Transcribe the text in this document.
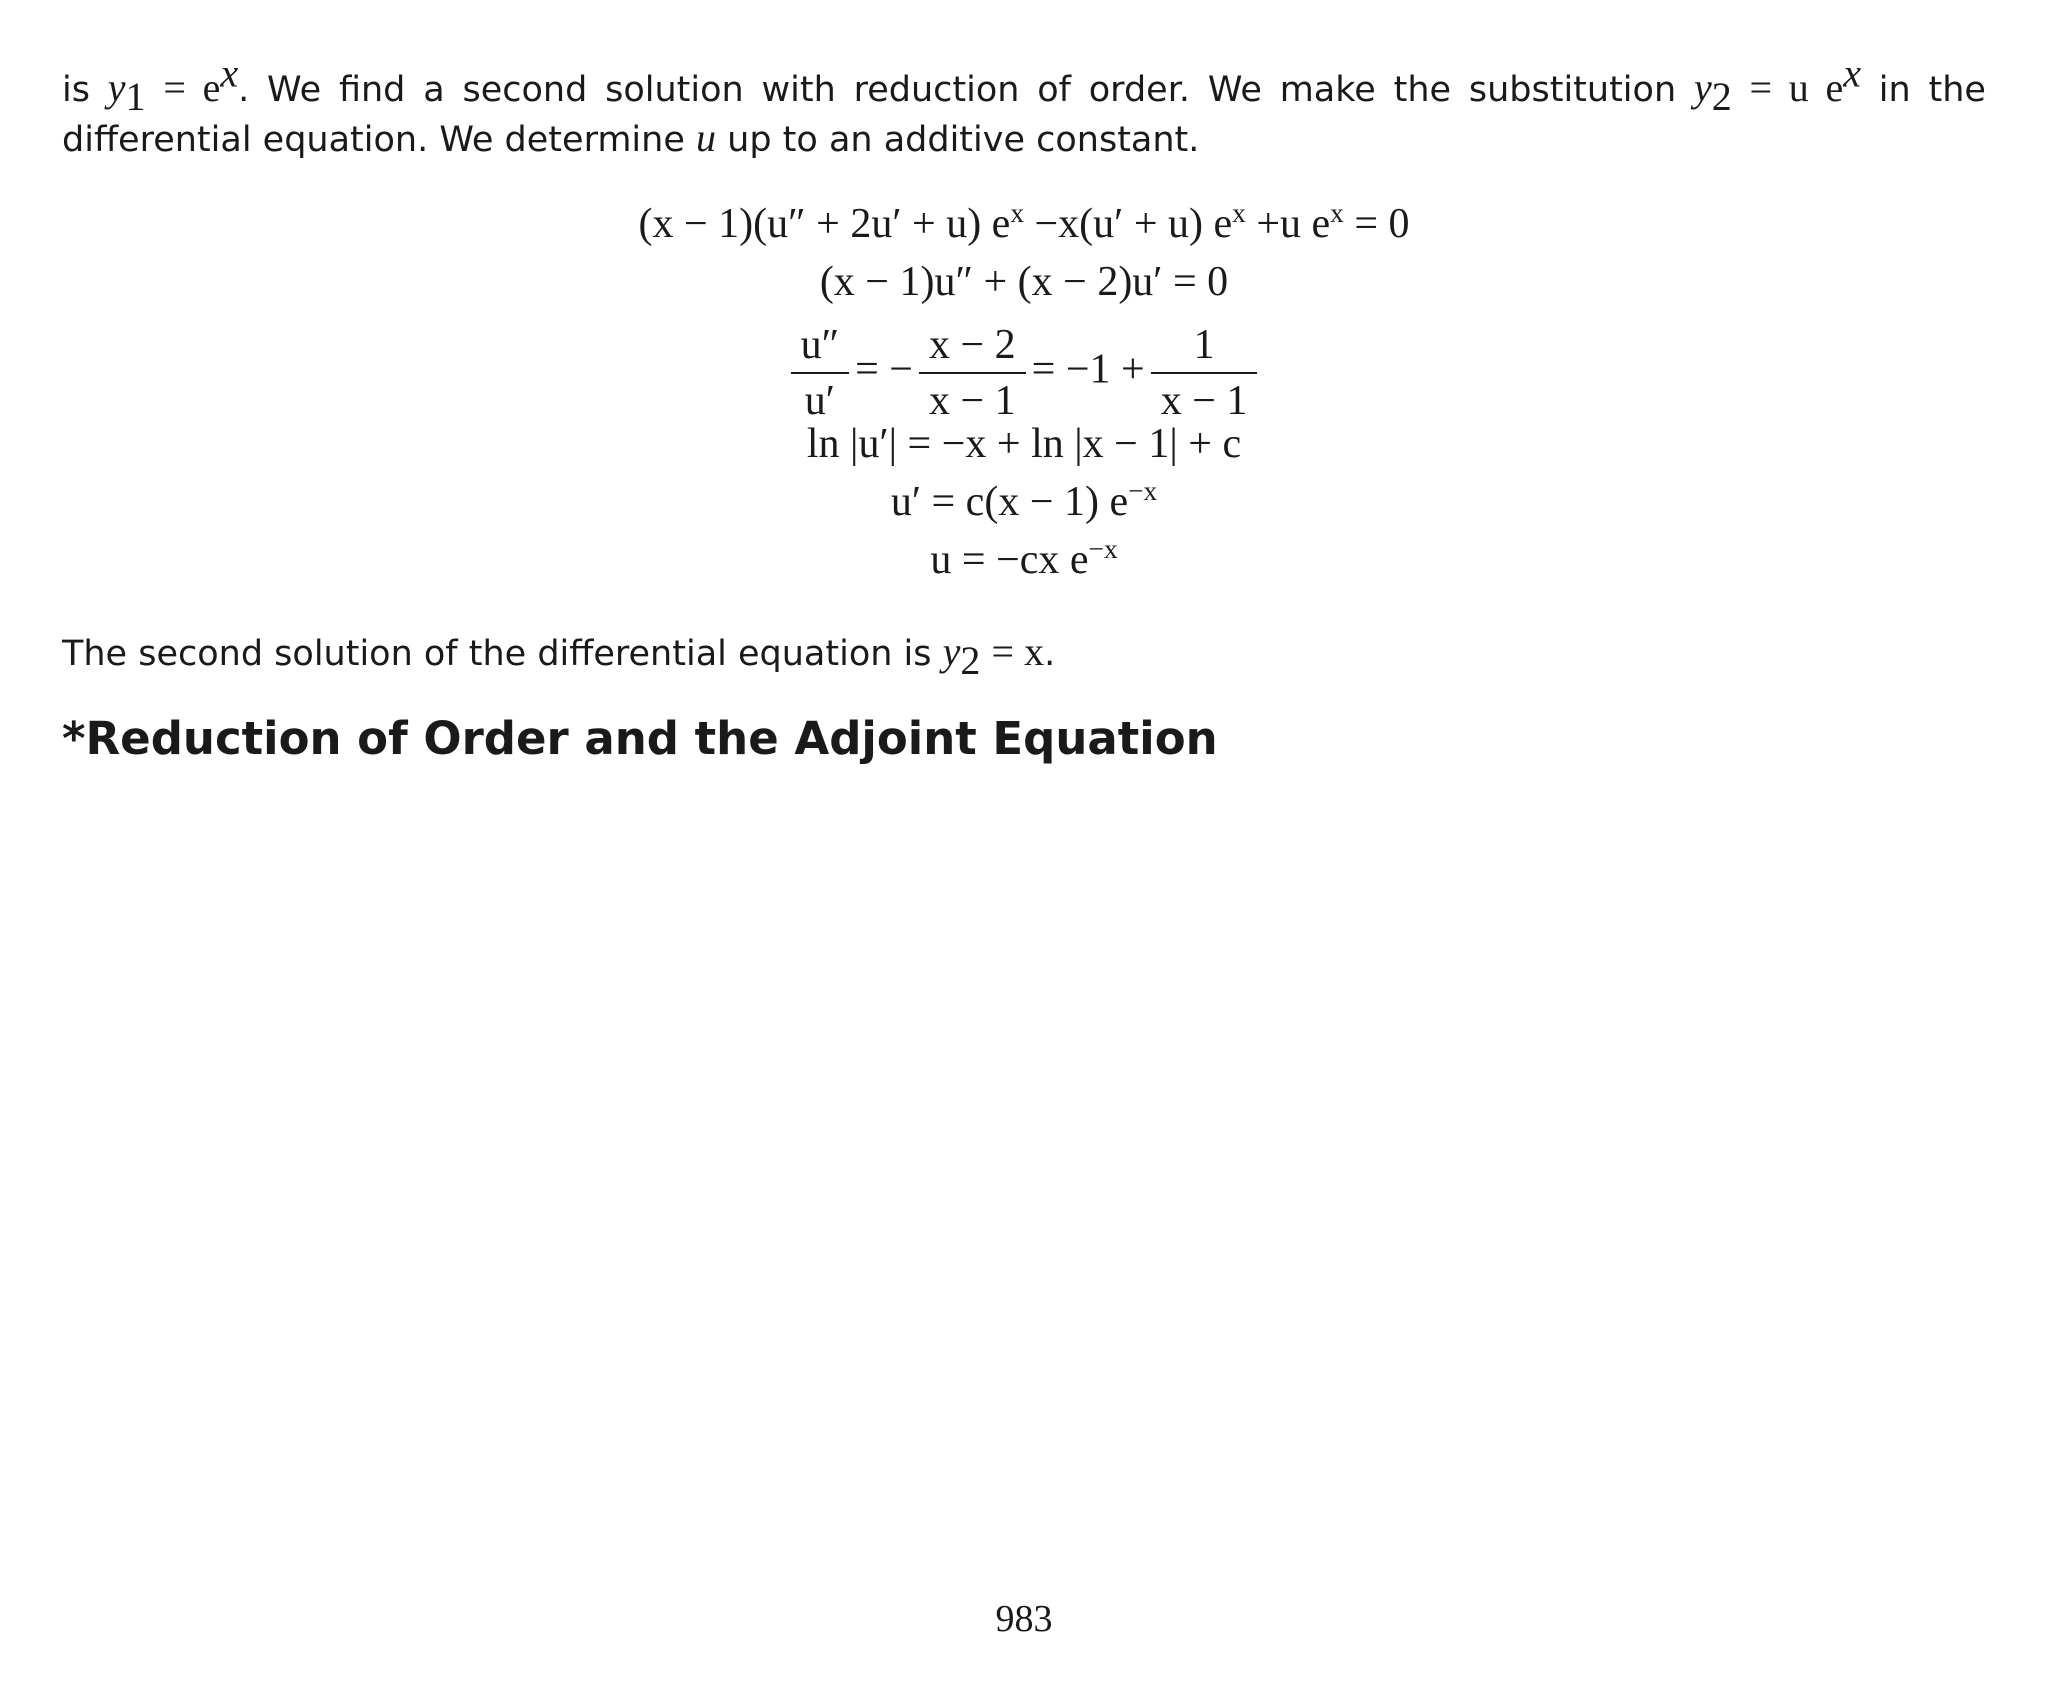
is $y_1 = e^x$. We find a second solution with reduction of order. We make the substitution $y_2 = u$ $e^x$ in the differential equation. We determine u up to an additive constant.
(x − 1)(u″ + 2u′ + u) $e^x -x(u' + u)$ $e^x +u$ $e^x = 0$
(x − 1)u″ + (x − 2)u′ = 0
$\frac{u''}{u'}$ = − $\frac{x - 2}{x - 1} = -1 + \frac{1}{x - 1}$
ln |u′| = −x + ln |x − 1| + c
u′ = c(x − 1) $e^{-x}$
u = −cx $e^{-x}$
The second solution of the differential equation is $y_2 = x$.
*Reduction of Order and the Adjoint Equation
983
